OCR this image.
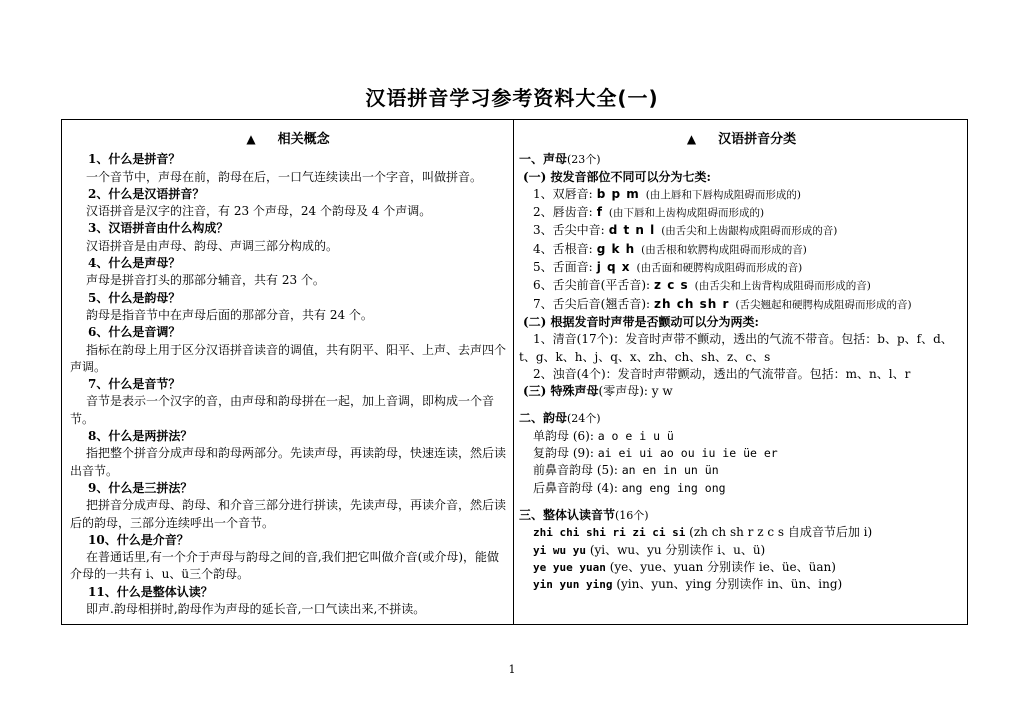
汉语拼音学习参考资料大全(一)
▲ 相关概念
1、什么是拼音？
一个音节中，声母在前，韵母在后，一口气连续读出一个字音，叫做拼音。
2、什么是汉语拼音？
汉语拼音是汉字的注音，有 23 个声母，24 个韵母及 4 个声调。
3、汉语拼音由什么构成？
汉语拼音是由声母、韵母、声调三部分构成的。
4、什么是声母？
声母是拼音打头的那部分辅音，共有 23 个。
5、什么是韵母？
韵母是指音节中在声母后面的那部分音，共有 24 个。
6、什么是音调？
指标在韵母上用于区分汉语拼音读音的调值，共有阴平、阳平、上声、去声四个声调。
7、什么是音节？
音节是表示一个汉字的音，由声母和韵母拼在一起，加上音调，即构成一个音节。
8、什么是两拼法？
指把整个拼音分成声母和韵母两部分。先读声母，再读韵母，快速连读，然后读出音节。
9、什么是三拼法？
把拼音分成声母、韵母、和介音三部分进行拼读，先读声母，再读介音，然后读后的韵母，三部分连续呼出一个音节。
10、什么是介音？
在普通话里,有一个介于声母与韵母之间的音,我们把它叫做介音(或介母)，能做介母的一共有 i、u、ü三个韵母。
11、什么是整体认读？
即声.韵母相拼时,韵母作为声母的延长音,一口气读出来,不拼读。
▲ 汉语拼音分类
一、声母(23个)
(一) 按发音部位不同可以分为七类:
1、双唇音: b p m (由上唇和下唇构成阻碍而形成的)
2、唇齿音: f (由下唇和上齿构成阻碍而形成的)
3、舌尖中音: d t n l (由舌尖和上齿龈构成阻碍而形成的音)
4、舌根音: g k h (由舌根和软腭构成阻碍而形成的音)
5、舌面音: j q x (由舌面和硬腭构成阻碍而形成的音)
6、舌尖前音(平舌音): z c s (由舌尖和上齿背构成阻碍而形成的音)
7、舌尖后音(翘舌音): zh ch sh r (舌尖翘起和硬腭构成阻碍而形成的音)
(二) 根据发音时声带是否颤动可以分为两类:
1、清音(17个)：发音时声带不颤动，透出的气流不带音。包括：b、p、f、d、t、g、k、h、j、q、x、zh、ch、sh、z、c、s
2、浊音(4个)：发音时声带颤动，透出的气流带音。包括：m、n、l、r
(三) 特殊声母(零声母): y w
二、韵母(24个)
单韵母 (6): a o e i u ü
复韵母 (9): ai ei ui ao ou iu ie üe er
前鼻音韵母 (5): an en in un ün
后鼻音韵母 (4): ang eng ing ong
三、整体认读音节(16个)
zhi chi shi ri zi ci si (zh ch sh r z c s 自成音节后加 i)
yi wu yu (yi、wu、yu 分别读作 i、u、ü)
ye yue yuan (ye、yue、yuan 分别读作 ie、üe、üan)
yin yun ying (yin、yun、ying 分别读作 in、ün、ing)
1
